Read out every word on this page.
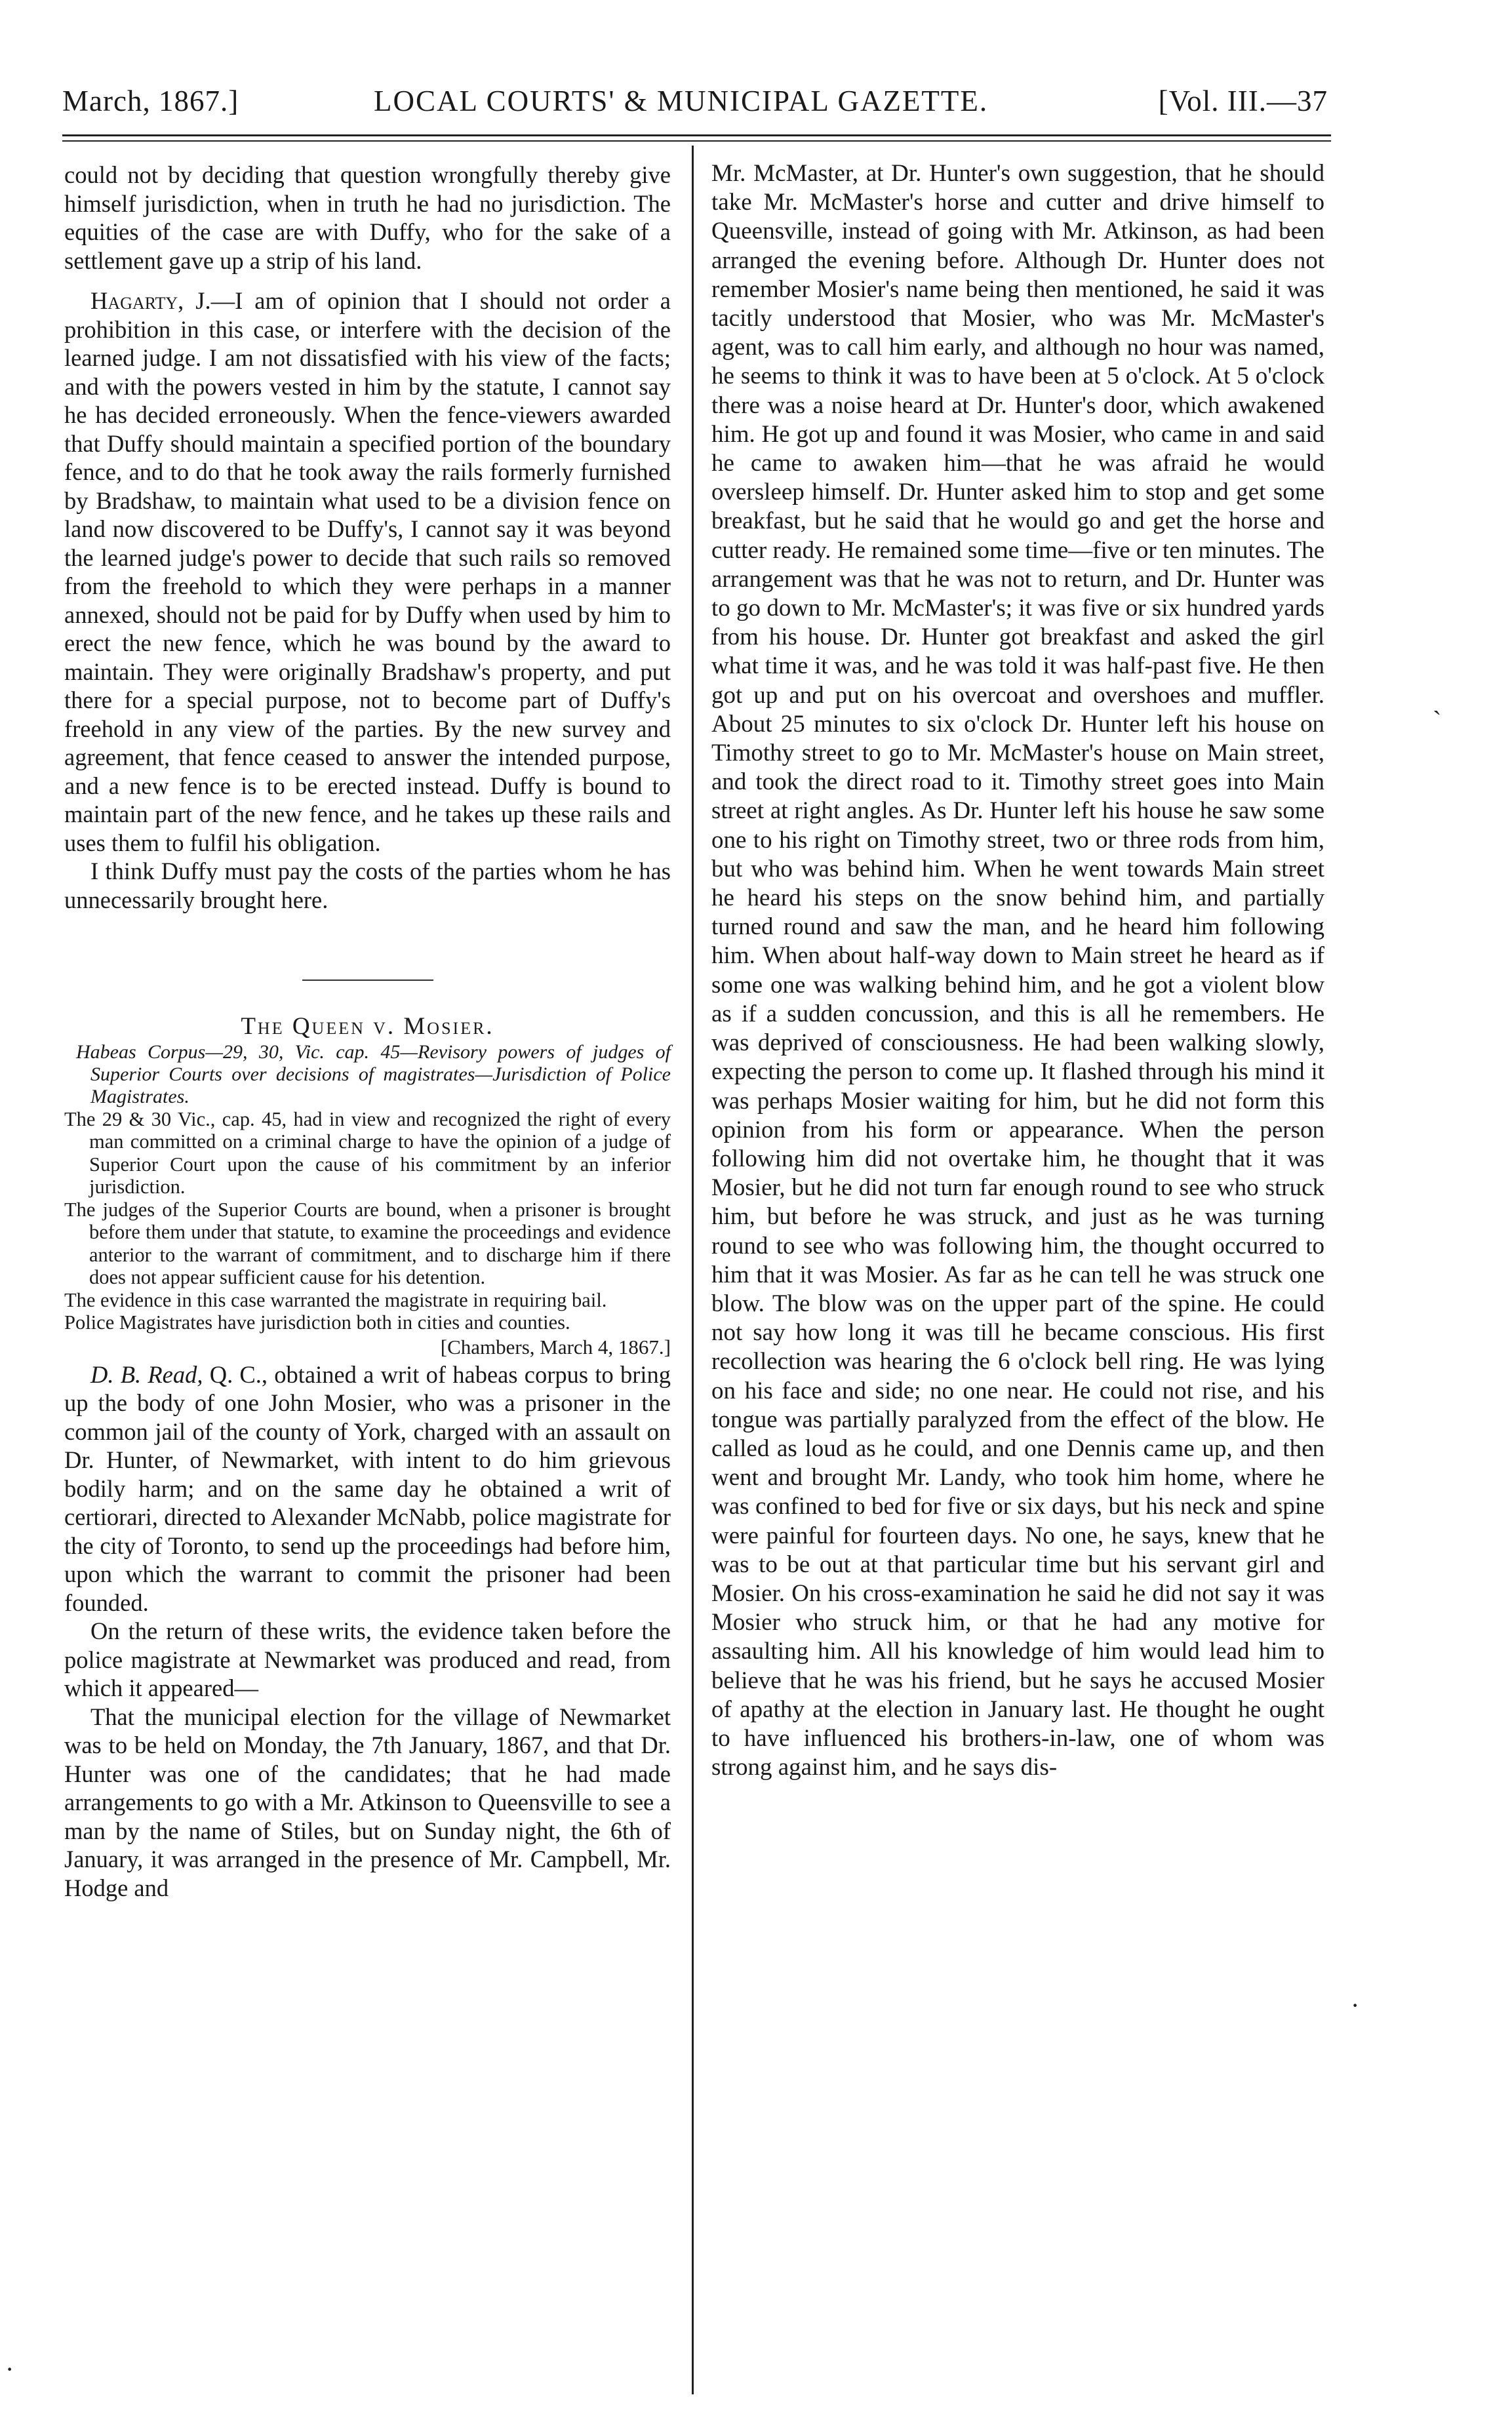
March, 1867.]	LOCAL COURTS' & MUNICIPAL GAZETTE.	[Vol. III.—37

could not by deciding that question wrongfully thereby give himself jurisdiction, when in truth he had no jurisdiction. The equities of the case are with Duffy, who for the sake of a settlement gave up a strip of his land.

Hagarty, J.—I am of opinion that I should not order a prohibition in this case, or interfere with the decision of the learned judge. I am not dissatisfied with his view of the facts; and with the powers vested in him by the statute, I cannot say he has decided erroneously. When the fence-viewers awarded that Duffy should maintain a specified portion of the boundary fence, and to do that he took away the rails formerly furnished by Bradshaw, to maintain what used to be a division fence on land now discovered to be Duffy's, I cannot say it was beyond the learned judge's power to decide that such rails so removed from the freehold to which they were perhaps in a manner annexed, should not be paid for by Duffy when used by him to erect the new fence, which he was bound by the award to maintain. They were originally Bradshaw's property, and put there for a special purpose, not to become part of Duffy's freehold in any view of the parties. By the new survey and agreement, that fence ceased to answer the intended purpose, and a new fence is to be erected instead. Duffy is bound to maintain part of the new fence, and he takes up these rails and uses them to fulfil his obligation.

I think Duffy must pay the costs of the parties whom he has unnecessarily brought here.

The Queen v. Mosier.

Habeas Corpus—29, 30, Vic. cap. 45—Revisory powers of judges of Superior Courts over decisions of magistrates—Jurisdiction of Police Magistrates.

The 29 & 30 Vic., cap. 45, had in view and recognized the right of every man committed on a criminal charge to have the opinion of a judge of Superior Court upon the cause of his commitment by an inferior jurisdiction.

The judges of the Superior Courts are bound, when a prisoner is brought before them under that statute, to examine the proceedings and evidence anterior to the warrant of commitment, and to discharge him if there does not appear sufficient cause for his detention.

The evidence in this case warranted the magistrate in requiring bail.

Police Magistrates have jurisdiction both in cities and counties.

[Chambers, March 4, 1867.]

D. B. Read, Q. C., obtained a writ of habeas corpus to bring up the body of one John Mosier, who was a prisoner in the common jail of the county of York, charged with an assault on Dr. Hunter, of Newmarket, with intent to do him grievous bodily harm; and on the same day he obtained a writ of certiorari, directed to Alexander McNabb, police magistrate for the city of Toronto, to send up the proceedings had before him, upon which the warrant to commit the prisoner had been founded.

On the return of these writs, the evidence taken before the police magistrate at Newmarket was produced and read, from which it appeared—

That the municipal election for the village of Newmarket was to be held on Monday, the 7th January, 1867, and that Dr. Hunter was one of the candidates; that he had made arrangements to go with a Mr. Atkinson to Queensville to see a man by the name of Stiles, but on Sunday night, the 6th of January, it was arranged in the presence of Mr. Campbell, Mr. Hodge and

Mr. McMaster, at Dr. Hunter's own suggestion, that he should take Mr. McMaster's horse and cutter and drive himself to Queensville, instead of going with Mr. Atkinson, as had been arranged the evening before. Although Dr. Hunter does not remember Mosier's name being then mentioned, he said it was tacitly understood that Mosier, who was Mr. McMaster's agent, was to call him early, and although no hour was named, he seems to think it was to have been at 5 o'clock. At 5 o'clock there was a noise heard at Dr. Hunter's door, which awakened him. He got up and found it was Mosier, who came in and said he came to awaken him—that he was afraid he would oversleep himself. Dr. Hunter asked him to stop and get some breakfast, but he said that he would go and get the horse and cutter ready. He remained some time—five or ten minutes. The arrangement was that he was not to return, and Dr. Hunter was to go down to Mr. McMaster's; it was five or six hundred yards from his house. Dr. Hunter got breakfast and asked the girl what time it was, and he was told it was half-past five. He then got up and put on his overcoat and overshoes and muffler. About 25 minutes to six o'clock Dr. Hunter left his house on Timothy street to go to Mr. McMaster's house on Main street, and took the direct road to it. Timothy street goes into Main street at right angles. As Dr. Hunter left his house he saw some one to his right on Timothy street, two or three rods from him, but who was behind him. When he went towards Main street he heard his steps on the snow behind him, and partially turned round and saw the man, and he heard him following him. When about half-way down to Main street he heard as if some one was walking behind him, and he got a violent blow as if a sudden concussion, and this is all he remembers. He was deprived of consciousness. He had been walking slowly, expecting the person to come up. It flashed through his mind it was perhaps Mosier waiting for him, but he did not form this opinion from his form or appearance. When the person following him did not overtake him, he thought that it was Mosier, but he did not turn far enough round to see who struck him, but before he was struck, and just as he was turning round to see who was following him, the thought occurred to him that it was Mosier. As far as he can tell he was struck one blow. The blow was on the upper part of the spine. He could not say how long it was till he became conscious. His first recollection was hearing the 6 o'clock bell ring. He was lying on his face and side; no one near. He could not rise, and his tongue was partially paralyzed from the effect of the blow. He called as loud as he could, and one Dennis came up, and then went and brought Mr. Landy, who took him home, where he was confined to bed for five or six days, but his neck and spine were painful for fourteen days. No one, he says, knew that he was to be out at that particular time but his servant girl and Mosier. On his cross-examination he said he did not say it was Mosier who struck him, or that he had any motive for assaulting him. All his knowledge of him would lead him to believe that he was his friend, but he says he accused Mosier of apathy at the election in January last. He thought he ought to have influenced his brothers-in-law, one of whom was strong against him, and he says dis-

ˋ
·
·
